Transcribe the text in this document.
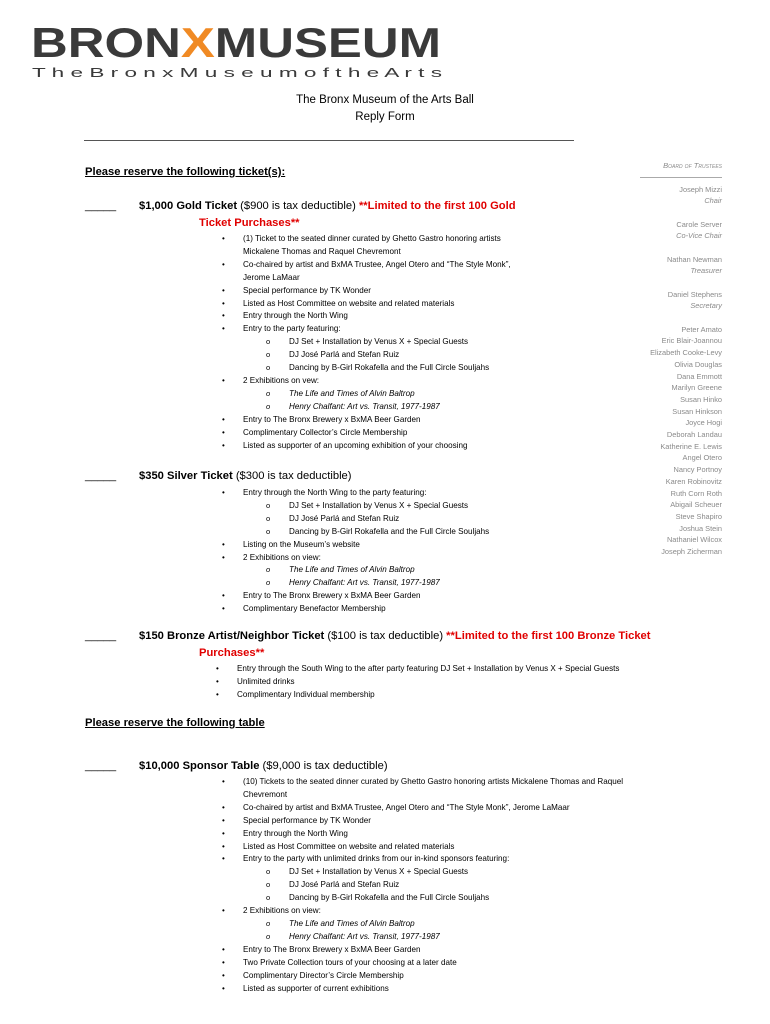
BRON X MUSEUM
T h e B r o n x M u s e u m o f t h e A r t s
The Bronx Museum of the Arts Ball
Reply Form
Please reserve the following ticket(s):
_____ $1,000 Gold Ticket ($900 is tax deductible) **Limited to the first 100 Gold
Ticket Purchases**
• (1) Ticket to the seated dinner curated by Ghetto Gastro honoring artists
Mickalene Thomas and Raquel Chevremont
• Co-chaired by artist and BxMA Trustee, Angel Otero and “The Style Monk”,
Jerome LaMaar
• Special performance by TK Wonder
• Listed as Host Committee on website and related materials
• Entry through the North Wing
• Entry to the party featuring:
o DJ Set + Installation by Venus X + Special Guests
o DJ José Parlá and Stefan Ruiz
o Dancing by B-Girl Rokafella and the Full Circle Souljahs
• 2 Exhibitions on vew:
o The Life and Times of Alvin Baltrop
o Henry Chalfant: Art vs. Transit, 1977-1987
• Entry to The Bronx Brewery x BxMA Beer Garden
• Complimentary Collector’s Circle Membership
• Listed as supporter of an upcoming exhibition of your choosing
_____ $350 Silver Ticket ($300 is tax deductible)
• Entry through the North Wing to the party featuring:
o DJ Set + Installation by Venus X + Special Guests
o DJ José Parlá and Stefan Ruiz
o Dancing by B-Girl Rokafella and the Full Circle Souljahs
• Listing on the Museum’s website
• 2 Exhibitions on view:
o The Life and Times of Alvin Baltrop
o Henry Chalfant: Art vs. Transit, 1977-1987
• Entry to The Bronx Brewery x BxMA Beer Garden
• Complimentary Benefactor Membership
_____ $150 Bronze Artist/Neighbor Ticket ($100 is tax deductible) **Limited to the first 100 Bronze Ticket
Purchases**
• Entry through the South Wing to the after party featuring DJ Set + Installation by Venus X + Special Guests
• Unlimited drinks
• Complimentary Individual membership
Please reserve the following table
_____ $10,000 Sponsor Table ($9,000 is tax deductible)
• (10) Tickets to the seated dinner curated by Ghetto Gastro honoring artists Mickalene Thomas and Raquel
Chevremont
• Co-chaired by artist and BxMA Trustee, Angel Otero and “The Style Monk”, Jerome LaMaar
• Special performance by TK Wonder
• Entry through the North Wing
• Listed as Host Committee on website and related materials
• Entry to the party with unlimited drinks from our in-kind sponsors featuring:
o DJ Set + Installation by Venus X + Special Guests
o DJ José Parlá and Stefan Ruiz
o Dancing by B-Girl Rokafella and the Full Circle Souljahs
• 2 Exhibitions on view:
o The Life and Times of Alvin Baltrop
o Henry Chalfant: Art vs. Transit, 1977-1987
• Entry to The Bronx Brewery x BxMA Beer Garden
• Two Private Collection tours of your choosing at a later date
• Complimentary Director’s Circle Membership
• Listed as supporter of current exhibitions
Board of Trustees
Joseph Mizzi
Chair
Carole Server
Co-Vice Chair
Nathan Newman
Treasurer
Daniel Stephens
Secretary
Peter Amato
Eric Blair-Joannou
Elizabeth Cooke-Levy
Olivia Douglas
Dana Emmott
Marilyn Greene
Susan Hinko
Susan Hinkson
Joyce Hogi
Deborah Landau
Katherine E. Lewis
Angel Otero
Nancy Portnoy
Karen Robinovitz
Ruth Corn Roth
Abigail Scheuer
Steve Shapiro
Joshua Stein
Nathaniel Wilcox
Joseph Zicherman
